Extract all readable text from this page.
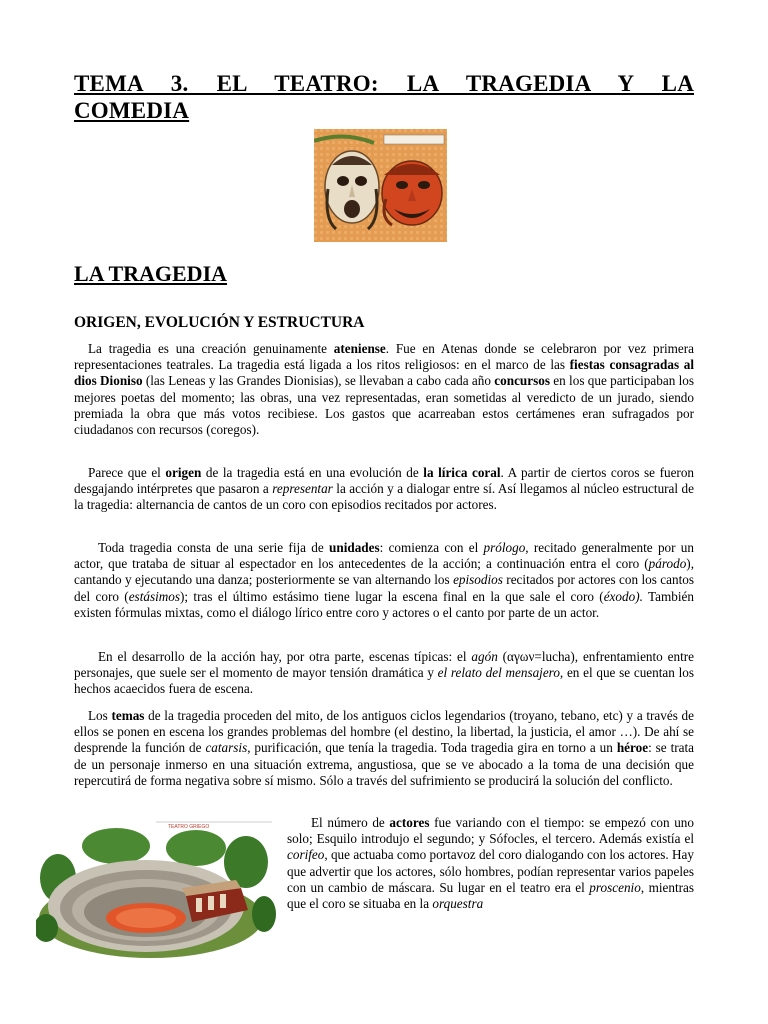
TEMA 3. EL TEATRO: LA TRAGEDIA Y LA
COMEDIA
LA TRAGEDIA
ORIGEN, EVOLUCIÓN Y ESTRUCTURA
La tragedia es una creación genuinamente ateniense. Fue en Atenas donde se celebraron por vez primera representaciones teatrales. La tragedia está ligada a los ritos religiosos: en el marco de las fiestas consagradas al dios Dioniso (las Leneas y las Grandes Dionisias), se llevaban a cabo cada año concursos en los que participaban los mejores poetas del momento; las obras, una vez representadas, eran sometidas al veredicto de un jurado, siendo premiada la obra que más votos recibiese. Los gastos que acarreaban estos certámenes eran sufragados por ciudadanos con recursos (coregos).
Parece que el origen de la tragedia está en una evolución de la lírica coral. A partir de ciertos coros se fueron desgajando intérpretes que pasaron a representar la acción y a dialogar entre sí. Así llegamos al núcleo estructural de la tragedia: alternancia de cantos de un coro con episodios recitados por actores.
Toda tragedia consta de una serie fija de unidades: comienza con el prólogo, recitado generalmente por un actor, que trataba de situar al espectador en los antecedentes de la acción; a continuación entra el coro (párodo), cantando y ejecutando una danza; posteriormente se van alternando los episodios recitados por actores con los cantos del coro (estásimos); tras el último estásimo tiene lugar la escena final en la que sale el coro (éxodo). También existen fórmulas mixtas, como el diálogo lírico entre coro y actores o el canto por parte de un actor.
En el desarrollo de la acción hay, por otra parte, escenas típicas: el agón (αγων=lucha), enfrentamiento entre personajes, que suele ser el momento de mayor tensión dramática y el relato del mensajero, en el que se cuentan los hechos acaecidos fuera de escena.
Los temas de la tragedia proceden del mito, de los antiguos ciclos legendarios (troyano, tebano, etc) y a través de ellos se ponen en escena los grandes problemas del hombre (el destino, la libertad, la justicia, el amor …). De ahí se desprende la función de catarsis, purificación, que tenía la tragedia. Toda tragedia gira en torno a un héroe: se trata de un personaje inmerso en una situación extrema, angustiosa, que se ve abocado a la toma de una decisión que repercutirá de forma negativa sobre sí mismo. Sólo a través del sufrimiento se producirá la solución del conflicto.
TEATRO GRIEGO	El número de actores fue variando con el tiempo: se empezó con uno solo; Esquilo introdujo el segundo; y Sófocles, el tercero. Además existía el corifeo, que actuaba como portavoz del coro dialogando con los actores. Hay que advertir que los actores, sólo hombres, podían representar varios papeles con un cambio de máscara. Su lugar en el teatro era el proscenio, mientras que el coro se situaba en la orquestra
